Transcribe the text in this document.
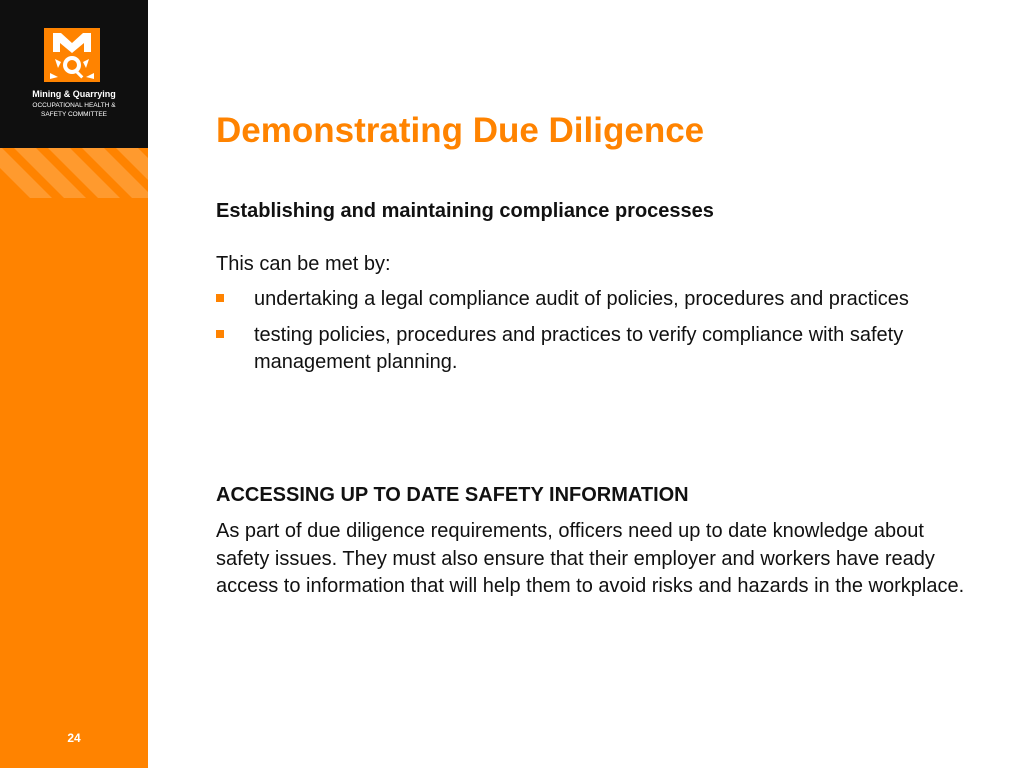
Mining & Quarrying
OCCUPATIONAL HEALTH &
SAFETY COMMITTEE
24
Demonstrating Due Diligence

Establishing and maintaining compliance processes

This can be met by:

undertaking a legal compliance audit of policies, procedures and practices
testing policies, procedures and practices to verify compliance with safety management planning.

ACCESSING UP TO DATE SAFETY INFORMATION

As part of due diligence requirements, officers need up to date knowledge about safety issues. They must also ensure that their employer and workers have ready access to information that will help them to avoid risks and hazards in the workplace.
